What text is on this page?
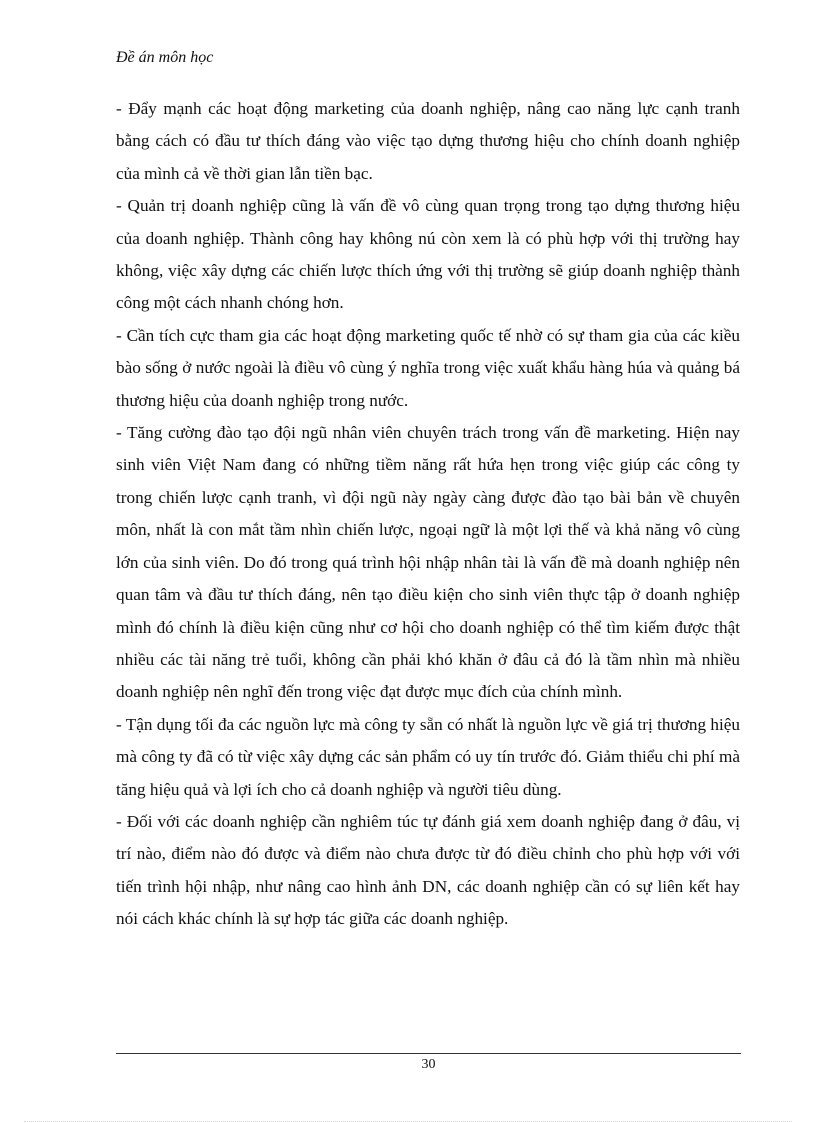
Đề án môn học

- Đẩy mạnh các hoạt động marketing của doanh nghiệp, nâng cao năng lực cạnh tranh bằng cách có đầu tư thích đáng vào việc tạo dựng thương hiệu cho chính doanh nghiệp của mình cả về thời gian lẫn tiền bạc.

- Quản trị doanh nghiệp cũng là vấn đề vô cùng quan trọng trong tạo dựng thương hiệu của doanh nghiệp. Thành công hay không nú còn xem là có phù hợp với thị trường hay không, việc xây dựng các chiến lược thích ứng với thị trường sẽ giúp doanh nghiệp thành công một cách nhanh chóng hơn.

- Cần tích cực tham gia các hoạt động marketing quốc tế nhờ có sự tham gia của các kiều bào sống ở nước ngoài là điều vô cùng ý nghĩa trong việc xuất khẩu hàng húa và quảng bá thương hiệu của doanh nghiệp trong nước.

- Tăng cường đào tạo đội ngũ nhân viên chuyên trách trong vấn đề marketing. Hiện nay sinh viên Việt Nam đang có những tiềm năng rất hứa hẹn trong việc giúp các công ty trong chiến lược cạnh tranh, vì đội ngũ này ngày càng được đào tạo bài bản về chuyên môn, nhất là con mắt tầm nhìn chiến lược, ngoại ngữ là một lợi thế và khả năng vô cùng lớn của sinh viên. Do đó trong quá trình hội nhập nhân tài là vấn đề mà doanh nghiệp nên quan tâm và đầu tư thích đáng, nên tạo điều kiện cho sinh viên thực tập ở doanh nghiệp mình đó chính là điều kiện cũng như cơ hội cho doanh nghiệp có thể tìm kiếm được thật nhiều các tài năng trẻ tuổi, không cần phải khó khăn ở đâu cả đó là tầm nhìn mà nhiều doanh nghiệp nên nghĩ đến trong việc đạt được mục đích của chính mình.

- Tận dụng tối đa các nguồn lực mà công ty sẵn có nhất là nguồn lực về giá trị thương hiệu mà công ty đã có từ việc xây dựng các sản phẩm có uy tín trước đó. Giảm thiểu chi phí mà tăng hiệu quả và lợi ích cho cả doanh nghiệp và người tiêu dùng.

- Đối với các doanh nghiệp cần nghiêm túc tự đánh giá xem doanh nghiệp đang ở đâu, vị trí nào, điểm nào đó được và điểm nào chưa được từ đó điều chỉnh cho phù hợp với với tiến trình hội nhập, như nâng cao hình ảnh DN, các doanh nghiệp cần có sự liên kết hay nói cách khác chính là sự hợp tác giữa các doanh nghiệp.

30
